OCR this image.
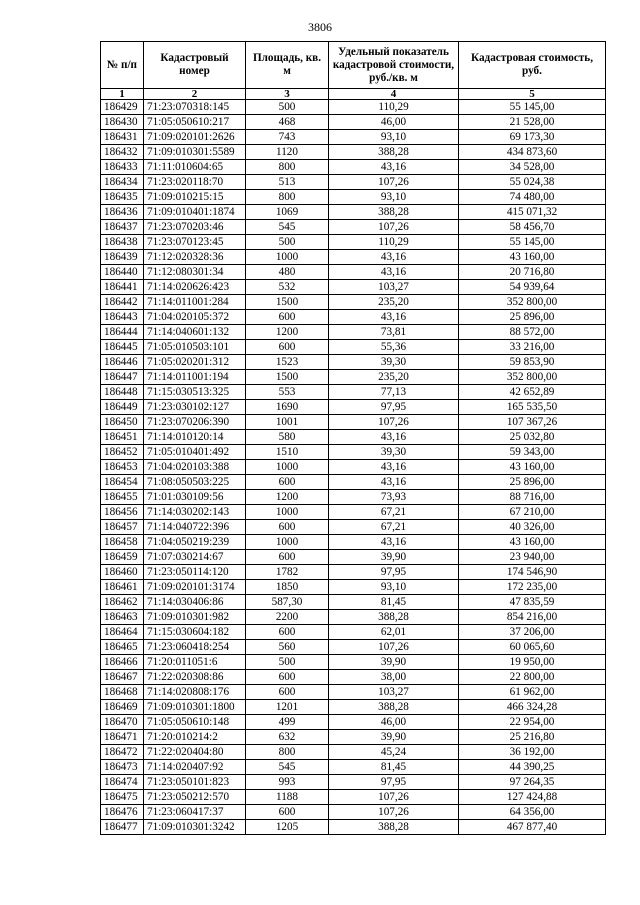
3806
№ п/п	Кадастровый номер	Площадь, кв. м	Удельный показатель кадастровой стоимости, руб./кв. м	Кадастровая стоимость, руб.
1	2	3	4	5
186429	71:23:070318:145	500	110,29	55 145,00
186430	71:05:050610:217	468	46,00	21 528,00
186431	71:09:020101:2626	743	93,10	69 173,30
186432	71:09:010301:5589	1120	388,28	434 873,60
186433	71:11:010604:65	800	43,16	34 528,00
186434	71:23:020118:70	513	107,26	55 024,38
186435	71:09:010215:15	800	93,10	74 480,00
186436	71:09:010401:1874	1069	388,28	415 071,32
186437	71:23:070203:46	545	107,26	58 456,70
186438	71:23:070123:45	500	110,29	55 145,00
186439	71:12:020328:36	1000	43,16	43 160,00
186440	71:12:080301:34	480	43,16	20 716,80
186441	71:14:020626:423	532	103,27	54 939,64
186442	71:14:011001:284	1500	235,20	352 800,00
186443	71:04:020105:372	600	43,16	25 896,00
186444	71:14:040601:132	1200	73,81	88 572,00
186445	71:05:010503:101	600	55,36	33 216,00
186446	71:05:020201:312	1523	39,30	59 853,90
186447	71:14:011001:194	1500	235,20	352 800,00
186448	71:15:030513:325	553	77,13	42 652,89
186449	71:23:030102:127	1690	97,95	165 535,50
186450	71:23:070206:390	1001	107,26	107 367,26
186451	71:14:010120:14	580	43,16	25 032,80
186452	71:05:010401:492	1510	39,30	59 343,00
186453	71:04:020103:388	1000	43,16	43 160,00
186454	71:08:050503:225	600	43,16	25 896,00
186455	71:01:030109:56	1200	73,93	88 716,00
186456	71:14:030202:143	1000	67,21	67 210,00
186457	71:14:040722:396	600	67,21	40 326,00
186458	71:04:050219:239	1000	43,16	43 160,00
186459	71:07:030214:67	600	39,90	23 940,00
186460	71:23:050114:120	1782	97,95	174 546,90
186461	71:09:020101:3174	1850	93,10	172 235,00
186462	71:14:030406:86	587,30	81,45	47 835,59
186463	71:09:010301:982	2200	388,28	854 216,00
186464	71:15:030604:182	600	62,01	37 206,00
186465	71:23:060418:254	560	107,26	60 065,60
186466	71:20:011051:6	500	39,90	19 950,00
186467	71:22:020308:86	600	38,00	22 800,00
186468	71:14:020808:176	600	103,27	61 962,00
186469	71:09:010301:1800	1201	388,28	466 324,28
186470	71:05:050610:148	499	46,00	22 954,00
186471	71:20:010214:2	632	39,90	25 216,80
186472	71:22:020404:80	800	45,24	36 192,00
186473	71:14:020407:92	545	81,45	44 390,25
186474	71:23:050101:823	993	97,95	97 264,35
186475	71:23:050212:570	1188	107,26	127 424,88
186476	71:23:060417:37	600	107,26	64 356,00
186477	71:09:010301:3242	1205	388,28	467 877,40
